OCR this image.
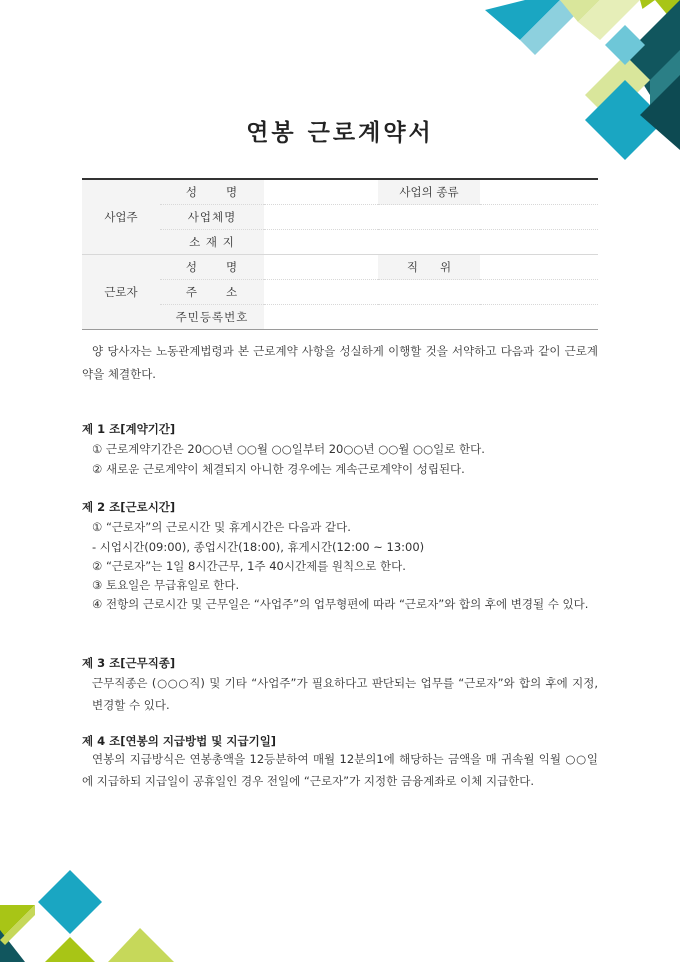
연봉 근로계약서
사업주	성      명		사업의 종류	
	사업체명			
	소 재 지			
근로자	성      명		직      위	
	주      소			
	주민등록번호			
양 당사자는 노동관계법령과 본 근로계약 사항을 성실하게 이행할 것을 서약하고 다음과 같이 근로계약을 체결한다.
제 1 조[계약기간]
① 근로계약기간은 20○○년 ○○월 ○○일부터 20○○년 ○○월 ○○일로 한다.
② 새로운 근로계약이 체결되지 아니한 경우에는 계속근로계약이 성립된다.
제 2 조[근로시간]
① “근로자”의 근로시간 및 휴게시간은 다음과 같다.
- 시업시간(09:00), 종업시간(18:00), 휴게시간(12:00 ~ 13:00)
② “근로자”는 1일 8시간근무, 1주 40시간제를 원칙으로 한다.
③ 토요일은 무급휴일로 한다.
④ 전항의 근로시간 및 근무일은 “사업주”의 업무형편에 따라 “근로자”와 합의 후에 변경될 수 있다.
제 3 조[근무직종]
근무직종은 (○○○직) 및 기타 “사업주”가 필요하다고 판단되는 업무를 “근로자”와 합의 후에 지정, 변경할 수 있다.
제 4 조[연봉의 지급방법 및 지급기일]
연봉의 지급방식은 연봉총액을 12등분하여 매월 12분의1에 해당하는 금액을 매 귀속월 익월 ○○일에 지급하되 지급일이 공휴일인 경우 전일에 “근로자”가 지정한 금융계좌로 이체 지급한다.
